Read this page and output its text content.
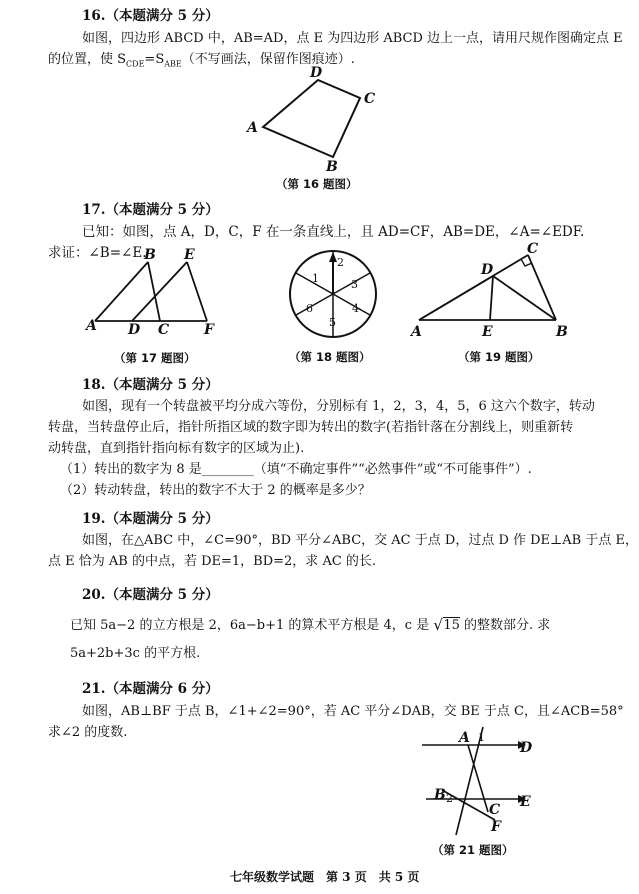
16.（本题满分 5 分）
如图，四边形 ABCD 中，AB=AD，点 E 为四边形 ABCD 边上一点，请用尺规作图确定点 E
的位置，使 $S_{CDE}=S_{ABE}$（不写画法，保留作图痕迹）.
A
D
C
B
（第 16 题图）
17.（本题满分 5 分）
已知：如图，点 A，D，C，F 在一条直线上，且 AD=CF，AB=DE，∠A=∠EDF.
求证：∠B=∠E.
A
B
D C
E
F
（第 17 题图）
1
2
3
4
5
6
（第 18 题图）
A	B
C
D
E
（第 19 题图）
18.（本题满分 5 分）
如图，现有一个转盘被平均分成六等份，分别标有 1，2，3，4，5，6 这六个数字，转动
转盘，当转盘停止后，指针所指区域的数字即为转出的数字(若指针落在分割线上，则重新转
动转盘，直到指针指向标有数字的区域为止).
（1）转出的数字为 8 是________（填“不确定事件”“必然事件”或“不可能事件”）.
（2）转动转盘，转出的数字不大于 2 的概率是多少？
19.（本题满分 5 分）
如图，在△ABC 中，∠C=90°，BD 平分∠ABC，交 AC 于点 D，过点 D 作 DE⊥AB 于点 E，
点 E 恰为 AB 的中点，若 DE=1，BD=2，求 AC 的长.
20.（本题满分 5 分）
已知 5a−2 的立方根是 2，6a−b+1 的算术平方根是 4，c 是 √ 15 的整数部分. 求
5a+2b+3c 的平方根.
21.（本题满分 6 分）
如图，AB⊥BF 于点 B，∠1+∠2=90°，若 AC 平分∠DAB，交 BE 于点 C，且∠ACB=58°
求∠2 的度数.	A 1
D
B 2
C E
F
（第 21 题图）
七年级数学试题　第 3 页　共 5 页
